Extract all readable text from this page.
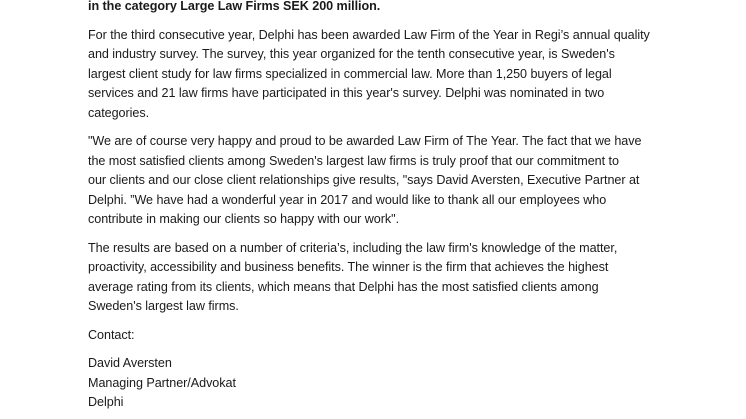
in the category Large Law Firms SEK 200 million.

For the third consecutive year, Delphi has been awarded Law Firm of the Year in Regi’s annual quality
and industry survey. The survey, this year organized for the tenth consecutive year, is Sweden's
largest client study for law firms specialized in commercial law. More than 1,250 buyers of legal
services and 21 law firms have participated in this year's survey. Delphi was nominated in two
categories.

"We are of course very happy and proud to be awarded Law Firm of The Year. The fact that we have
the most satisfied clients among Sweden's largest law firms is truly proof that our commitment to
our clients and our close client relationships give results, "says David Aversten, Executive Partner at
Delphi. ”We have had a wonderful year in 2017 and would like to thank all our employees who
contribute in making our clients so happy with our work".

The results are based on a number of criteria’s, including the law firm's knowledge of the matter,
proactivity, accessibility and business benefits. The winner is the firm that achieves the highest
average rating from its clients, which means that Delphi has the most satisfied clients among
Sweden's largest law firms.

Contact:

David Aversten

Managing Partner/Advokat

Delphi
